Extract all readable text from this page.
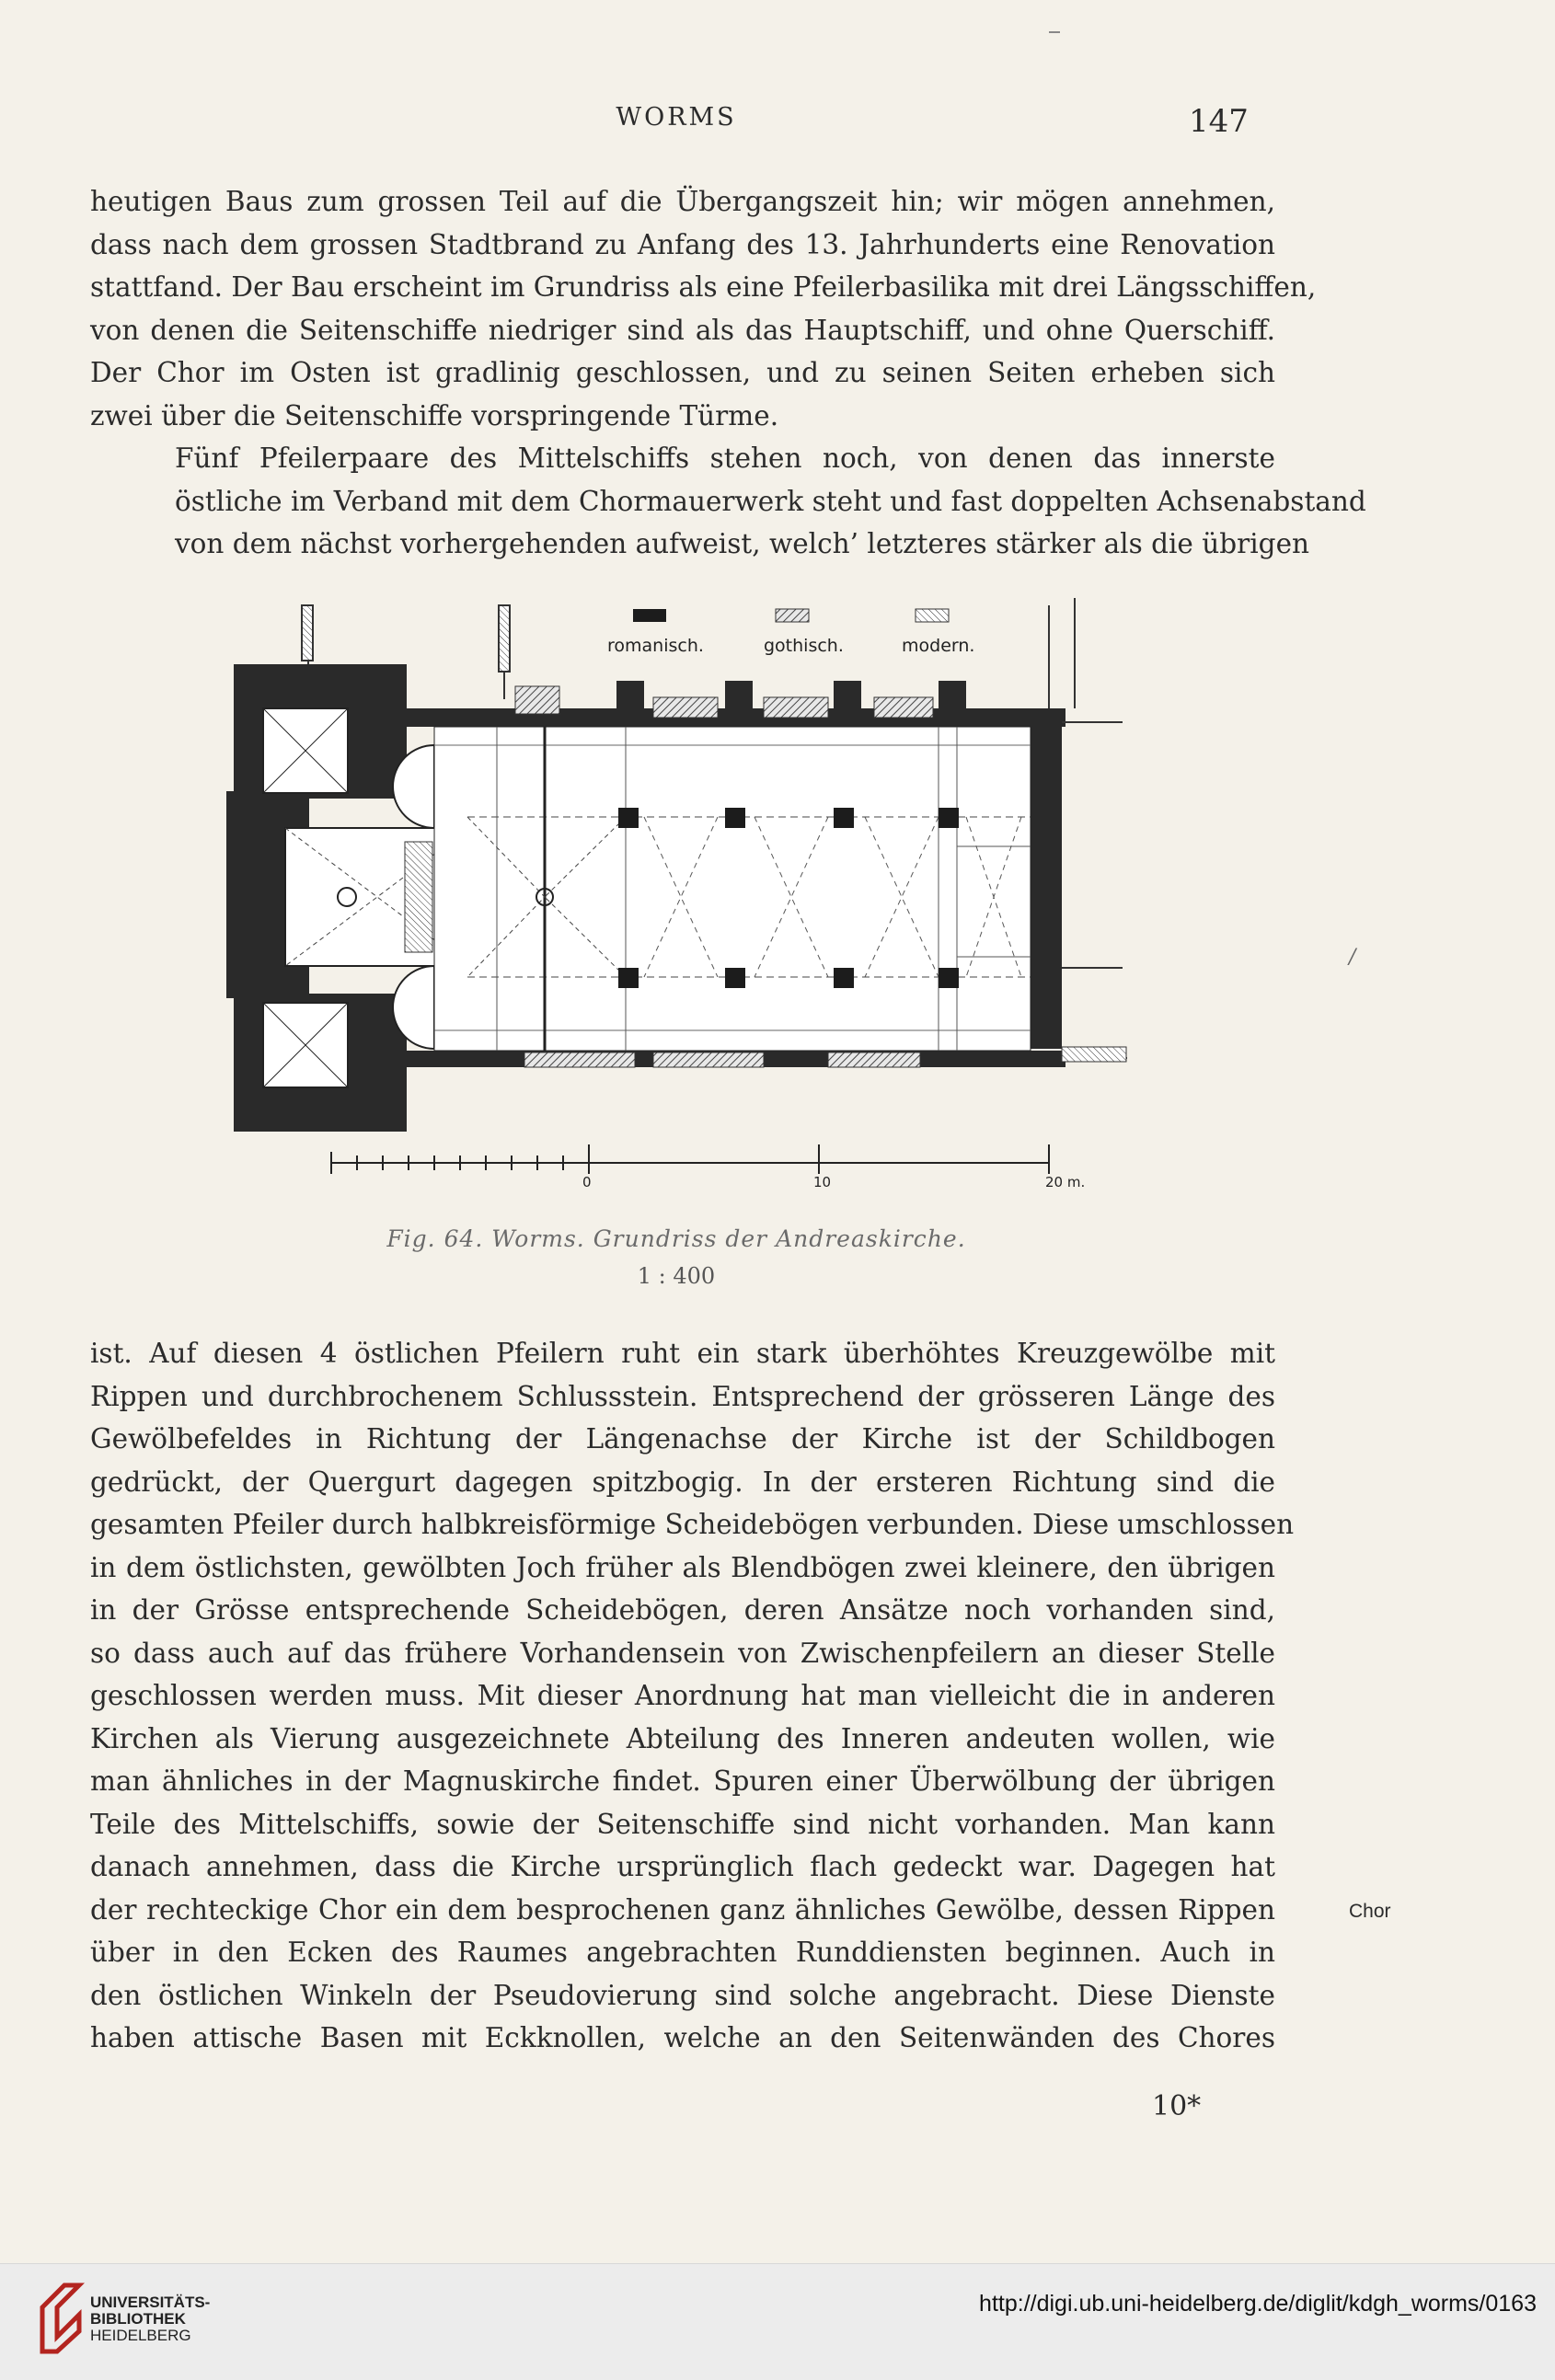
WORMS	147
heutigen Baus zum grossen Teil auf die Übergangszeit hin; wir mögen annehmen,
dass nach dem grossen Stadtbrand zu Anfang des 13. Jahrhunderts eine Renovation
stattfand. Der Bau erscheint im Grundriss als eine Pfeilerbasilika mit drei Längsschiffen,
von denen die Seitenschiffe niedriger sind als das Hauptschiff, und ohne Querschiff.
Der Chor im Osten ist gradlinig geschlossen, und zu seinen Seiten erheben sich
zwei über die Seitenschiffe vorspringende Türme.
Fünf Pfeilerpaare des Mittelschiffs stehen noch, von denen das innerste
östliche im Verband mit dem Chormauerwerk steht und fast doppelten Achsenabstand
von dem nächst vorhergehenden aufweist, welch’ letzteres stärker als die übrigen
romanisch.	gothisch.	modern.
0	10	20 m.
/
Fig. 64. Worms. Grundriss der Andreaskirche.
1 : 400
ist. Auf diesen 4 östlichen Pfeilern ruht ein stark überhöhtes Kreuzgewölbe mit
Rippen und durchbrochenem Schlussstein. Entsprechend der grösseren Länge des
Gewölbefeldes in Richtung der Längenachse der Kirche ist der Schildbogen
gedrückt, der Quergurt dagegen spitzbogig. In der ersteren Richtung sind die
gesamten Pfeiler durch halbkreisförmige Scheidebögen verbunden. Diese umschlossen
in dem östlichsten, gewölbten Joch früher als Blendbögen zwei kleinere, den übrigen
in der Grösse entsprechende Scheidebögen, deren Ansätze noch vorhanden sind,
so dass auch auf das frühere Vorhandensein von Zwischenpfeilern an dieser Stelle
geschlossen werden muss. Mit dieser Anordnung hat man vielleicht die in anderen
Kirchen als Vierung ausgezeichnete Abteilung des Inneren andeuten wollen, wie
man ähnliches in der Magnuskirche findet. Spuren einer Überwölbung der übrigen
Teile des Mittelschiffs, sowie der Seitenschiffe sind nicht vorhanden. Man kann
danach annehmen, dass die Kirche ursprünglich flach gedeckt war. Dagegen hat
der rechteckige Chor ein dem besprochenen ganz ähnliches Gewölbe, dessen Rippen
über in den Ecken des Raumes angebrachten Runddiensten beginnen. Auch in
den östlichen Winkeln der Pseudovierung sind solche angebracht. Diese Dienste
haben attische Basen mit Eckknollen, welche an den Seitenwänden des Chores
Chor
10*
UNIVERSITÄTS-
BIBLIOTHEK
HEIDELBERG
http://digi.ub.uni-heidelberg.de/diglit/kdgh_worms/0163
